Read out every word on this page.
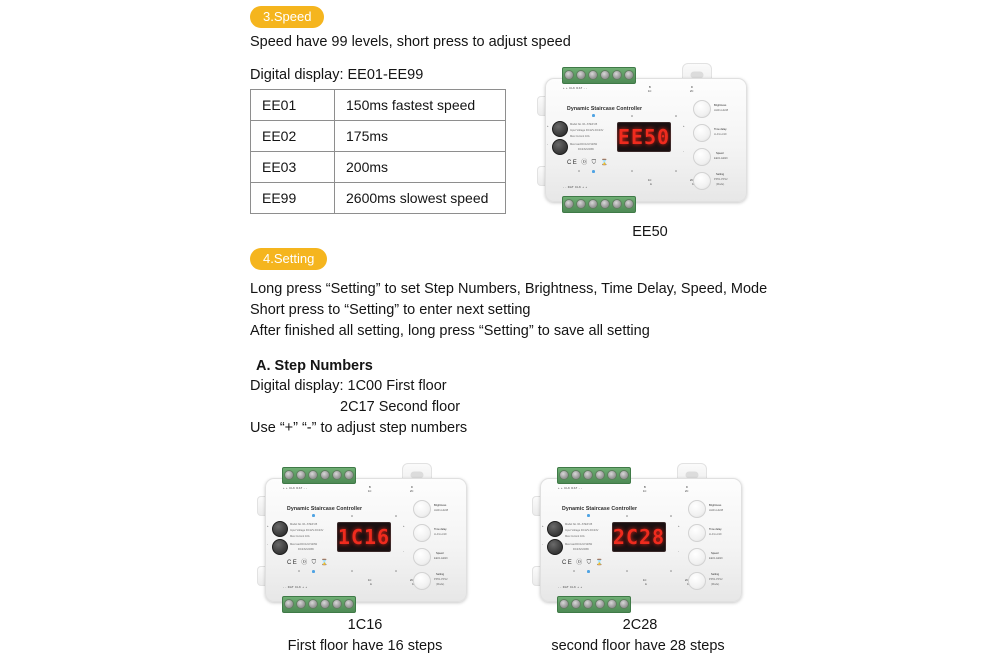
3.Speed
Speed have 99 levels, short press to adjust speed
Digital display: EE01-EE99
EE01	150ms fastest speed
EE02	175ms
EE03	200ms
EE99	2600ms slowest speed
+ + CLK DAT - -	B
1C
D
2C
Dynamic Staircase Controller
+
-
Model No. RL-STEP-05
Input Voltage DC12V-DC24V
Max Current 10A
Max load:DC12V/120W
DC24V/240W
EE50
CE ⓪ ⛉ ⌛
- - DAT CLK + +
1C
A
2C
Brightness
HH01-HH08
Time delay
LL01-LL99
Speed
EE01-EE99
Setting
PP01-PP12
(Mode)
+
-
EE50
4.Setting
Long press “Setting” to set Step Numbers, Brightness, Time Delay, Speed, Mode
Short press to “Setting” to enter next setting
After finished all setting, long press “Setting” to save all setting
A. Step Numbers
Digital display: 1C00 First floor
2C17 Second floor
Use “+” “-” to adjust step numbers
+ + CLK DAT - -	B
1C
D
2C
Dynamic Staircase Controller
+
-
Model No. RL-STEP-05
Input Voltage DC12V-DC24V
Max Current 10A
Max load:DC12V/120W
DC24V/240W
1C16
CE ⓪ ⛉ ⌛
- - DAT CLK + +
1C
A
2C
Brightness
HH01-HH08
Time delay
LL01-LL99
Speed
EE01-EE99
Setting
PP01-PP12
(Mode)
+
-
1C16
First floor have 16 steps
+ + CLK DAT - -	B
1C
D
2C
Dynamic Staircase Controller
+
-
Model No. RL-STEP-05
Input Voltage DC12V-DC24V
Max Current 10A
Max load:DC12V/120W
DC24V/240W
2C28
CE ⓪ ⛉ ⌛
- - DAT CLK + +
1C
A
2C
Brightness
HH01-HH08
Time delay
LL01-LL99
Speed
EE01-EE99
Setting
PP01-PP12
(Mode)
+
-
2C28
second floor have 28 steps
